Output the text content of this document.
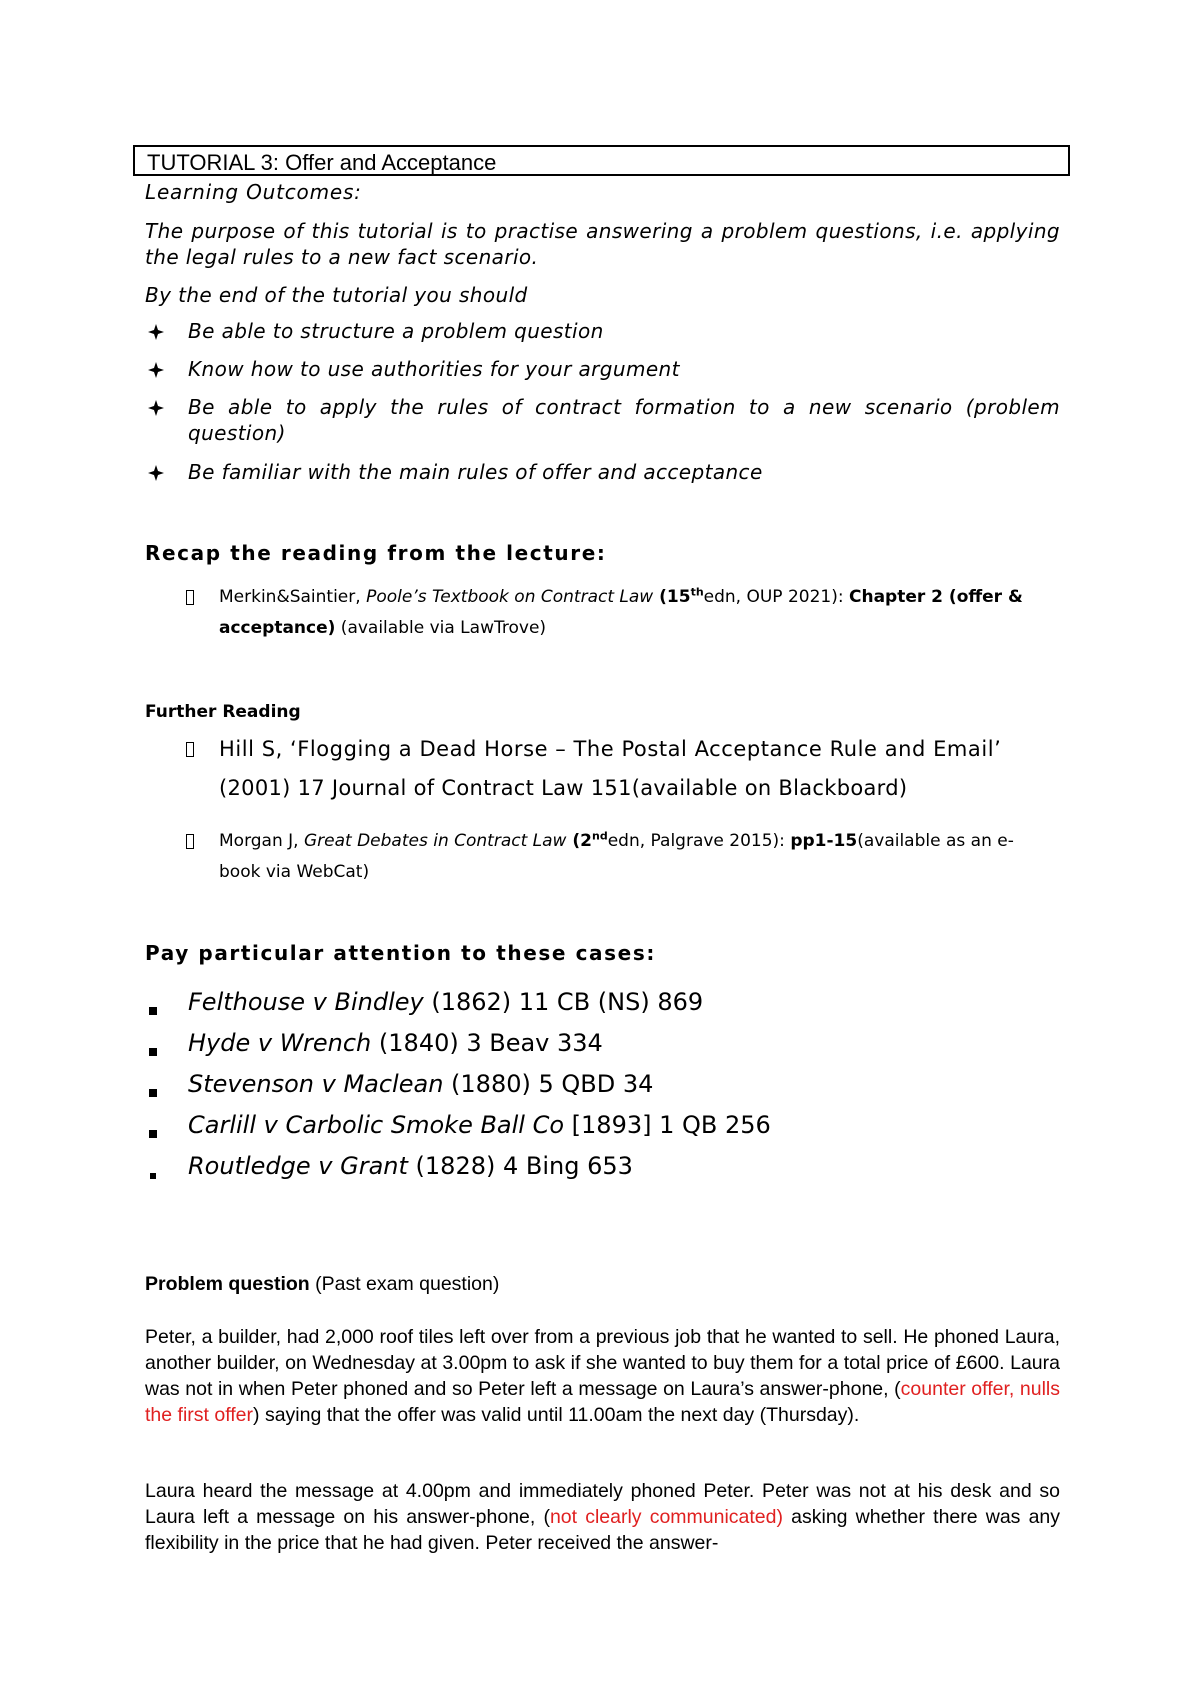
TUTORIAL 3: Offer and Acceptance
Learning Outcomes:
The purpose of this tutorial is to practise answering a problem questions, i.e. applying the legal rules to a new fact scenario.
By the end of the tutorial you should
Be able to structure a problem question
Know how to use authorities for your argument
Be able to apply the rules of contract formation to a new scenario (problem question)
Be familiar with the main rules of offer and acceptance
Recap the reading from the lecture:
Merkin&Saintier, Poole’s Textbook on Contract Law (15thedn, OUP 2021): Chapter 2 (offer &
acceptance) (available via LawTrove)
Further Reading
Hill S, ‘Flogging a Dead Horse – The Postal Acceptance Rule and Email’
(2001) 17 Journal of Contract Law 151(available on Blackboard)
Morgan J, Great Debates in Contract Law (2ndedn, Palgrave 2015): pp1-15(available as an e-
book via WebCat)
Pay particular attention to these cases:
Felthouse v Bindley (1862) 11 CB (NS) 869
Hyde v Wrench (1840) 3 Beav 334
Stevenson v Maclean (1880) 5 QBD 34
Carlill v Carbolic Smoke Ball Co [1893] 1 QB 256
Routledge v Grant (1828) 4 Bing 653
Problem question (Past exam question)
Peter, a builder, had 2,000 roof tiles left over from a previous job that he wanted to sell. He phoned Laura, another builder, on Wednesday at 3.00pm to ask if she wanted to buy them for a total price of £600. Laura was not in when Peter phoned and so Peter left a message on Laura’s answer-phone, (counter offer, nulls the first offer) saying that the offer was valid until 11.00am the next day (Thursday).
Laura heard the message at 4.00pm and immediately phoned Peter. Peter was not at his desk and so Laura left a message on his answer-phone, (not clearly communicated) asking whether there was any flexibility in the price that he had given. Peter received the answer-
